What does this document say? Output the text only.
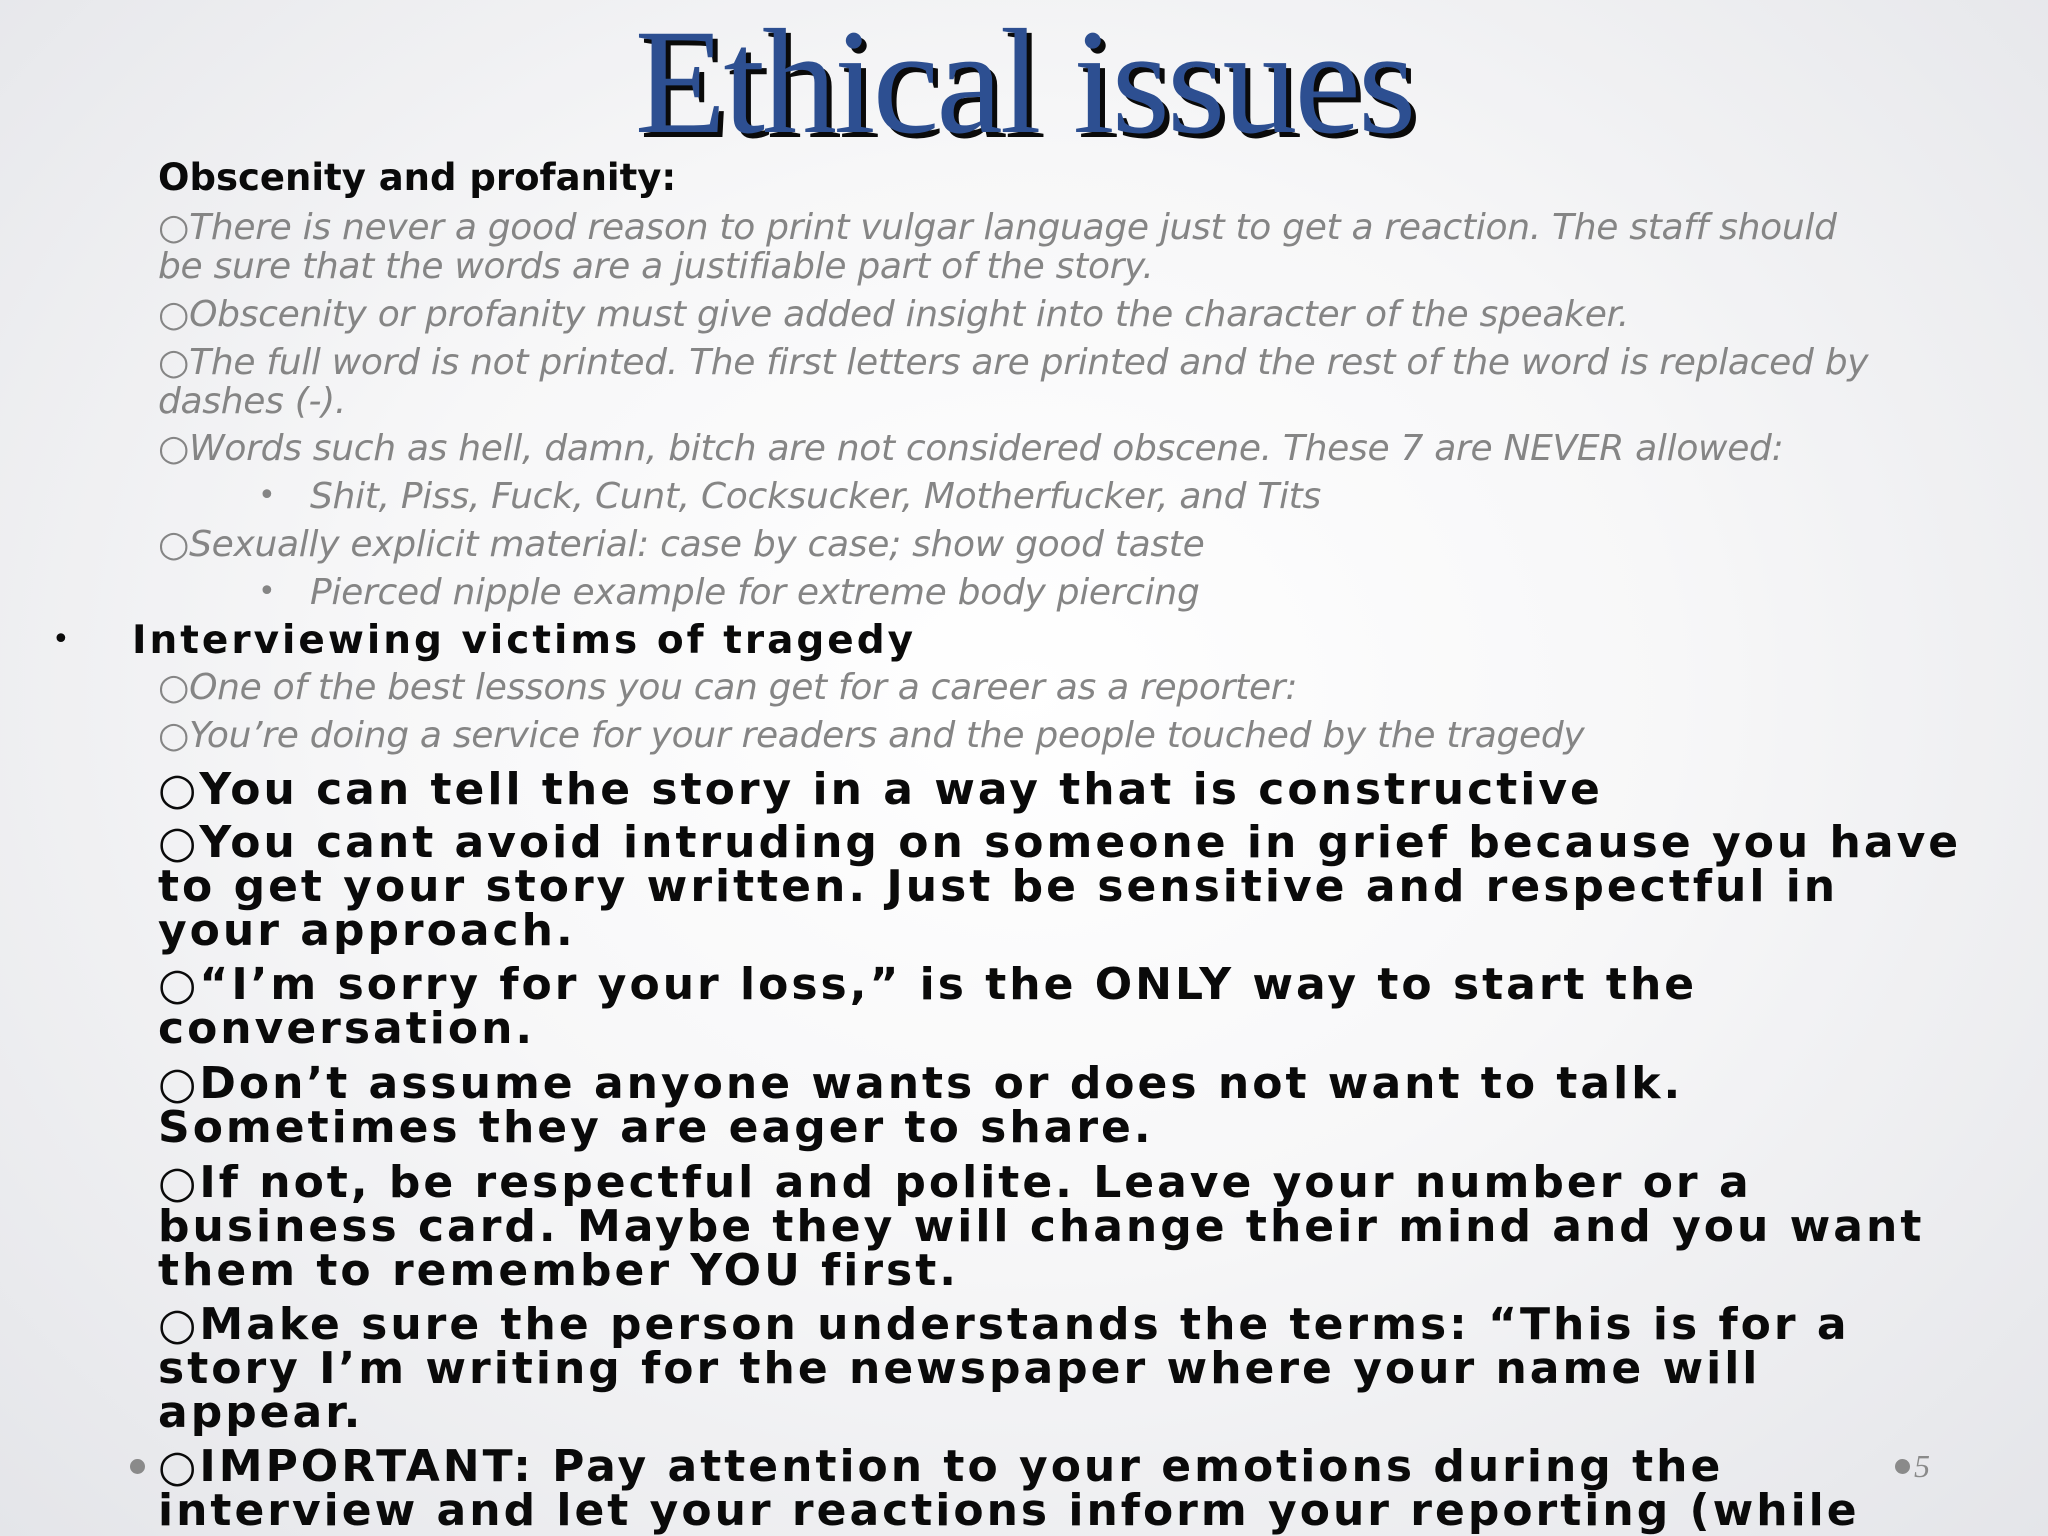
Ethical issues

Obscenity and profanity:

○There is never a good reason to print vulgar language just to get a reaction. The staff should
be sure that the words are a justifiable part of the story.
○Obscenity or profanity must give added insight into the character of the speaker.
○The full word is not printed. The first letters are printed and the rest of the word is replaced by
dashes (-).
○Words such as hell, damn, bitch are not considered obscene. These 7 are NEVER allowed:
• Shit, Piss, Fuck, Cunt, Cocksucker, Motherfucker, and Tits
○Sexually explicit material: case by case; show good taste
• Pierced nipple example for extreme body piercing
• Interviewing victims of tragedy

○One of the best lessons you can get for a career as a reporter:
○You’re doing a service for your readers and the people touched by the tragedy
○You can tell the story in a way that is constructive
○You cant avoid intruding on someone in grief because you have
to get your story written. Just be sensitive and respectful in
your approach.
○“I’m sorry for your loss,” is the ONLY way to start the
conversation.
○Don’t assume anyone wants or does not want to talk.
Sometimes they are eager to share.
○If not, be respectful and polite. Leave your number or a
business card. Maybe they will change their mind and you want
them to remember YOU first.
○Make sure the person understands the terms: “This is for a
story I’m writing for the newspaper where your name will
appear.
○IMPORTANT: Pay attention to your emotions during the
interview and let your reactions inform your reporting (while
5
